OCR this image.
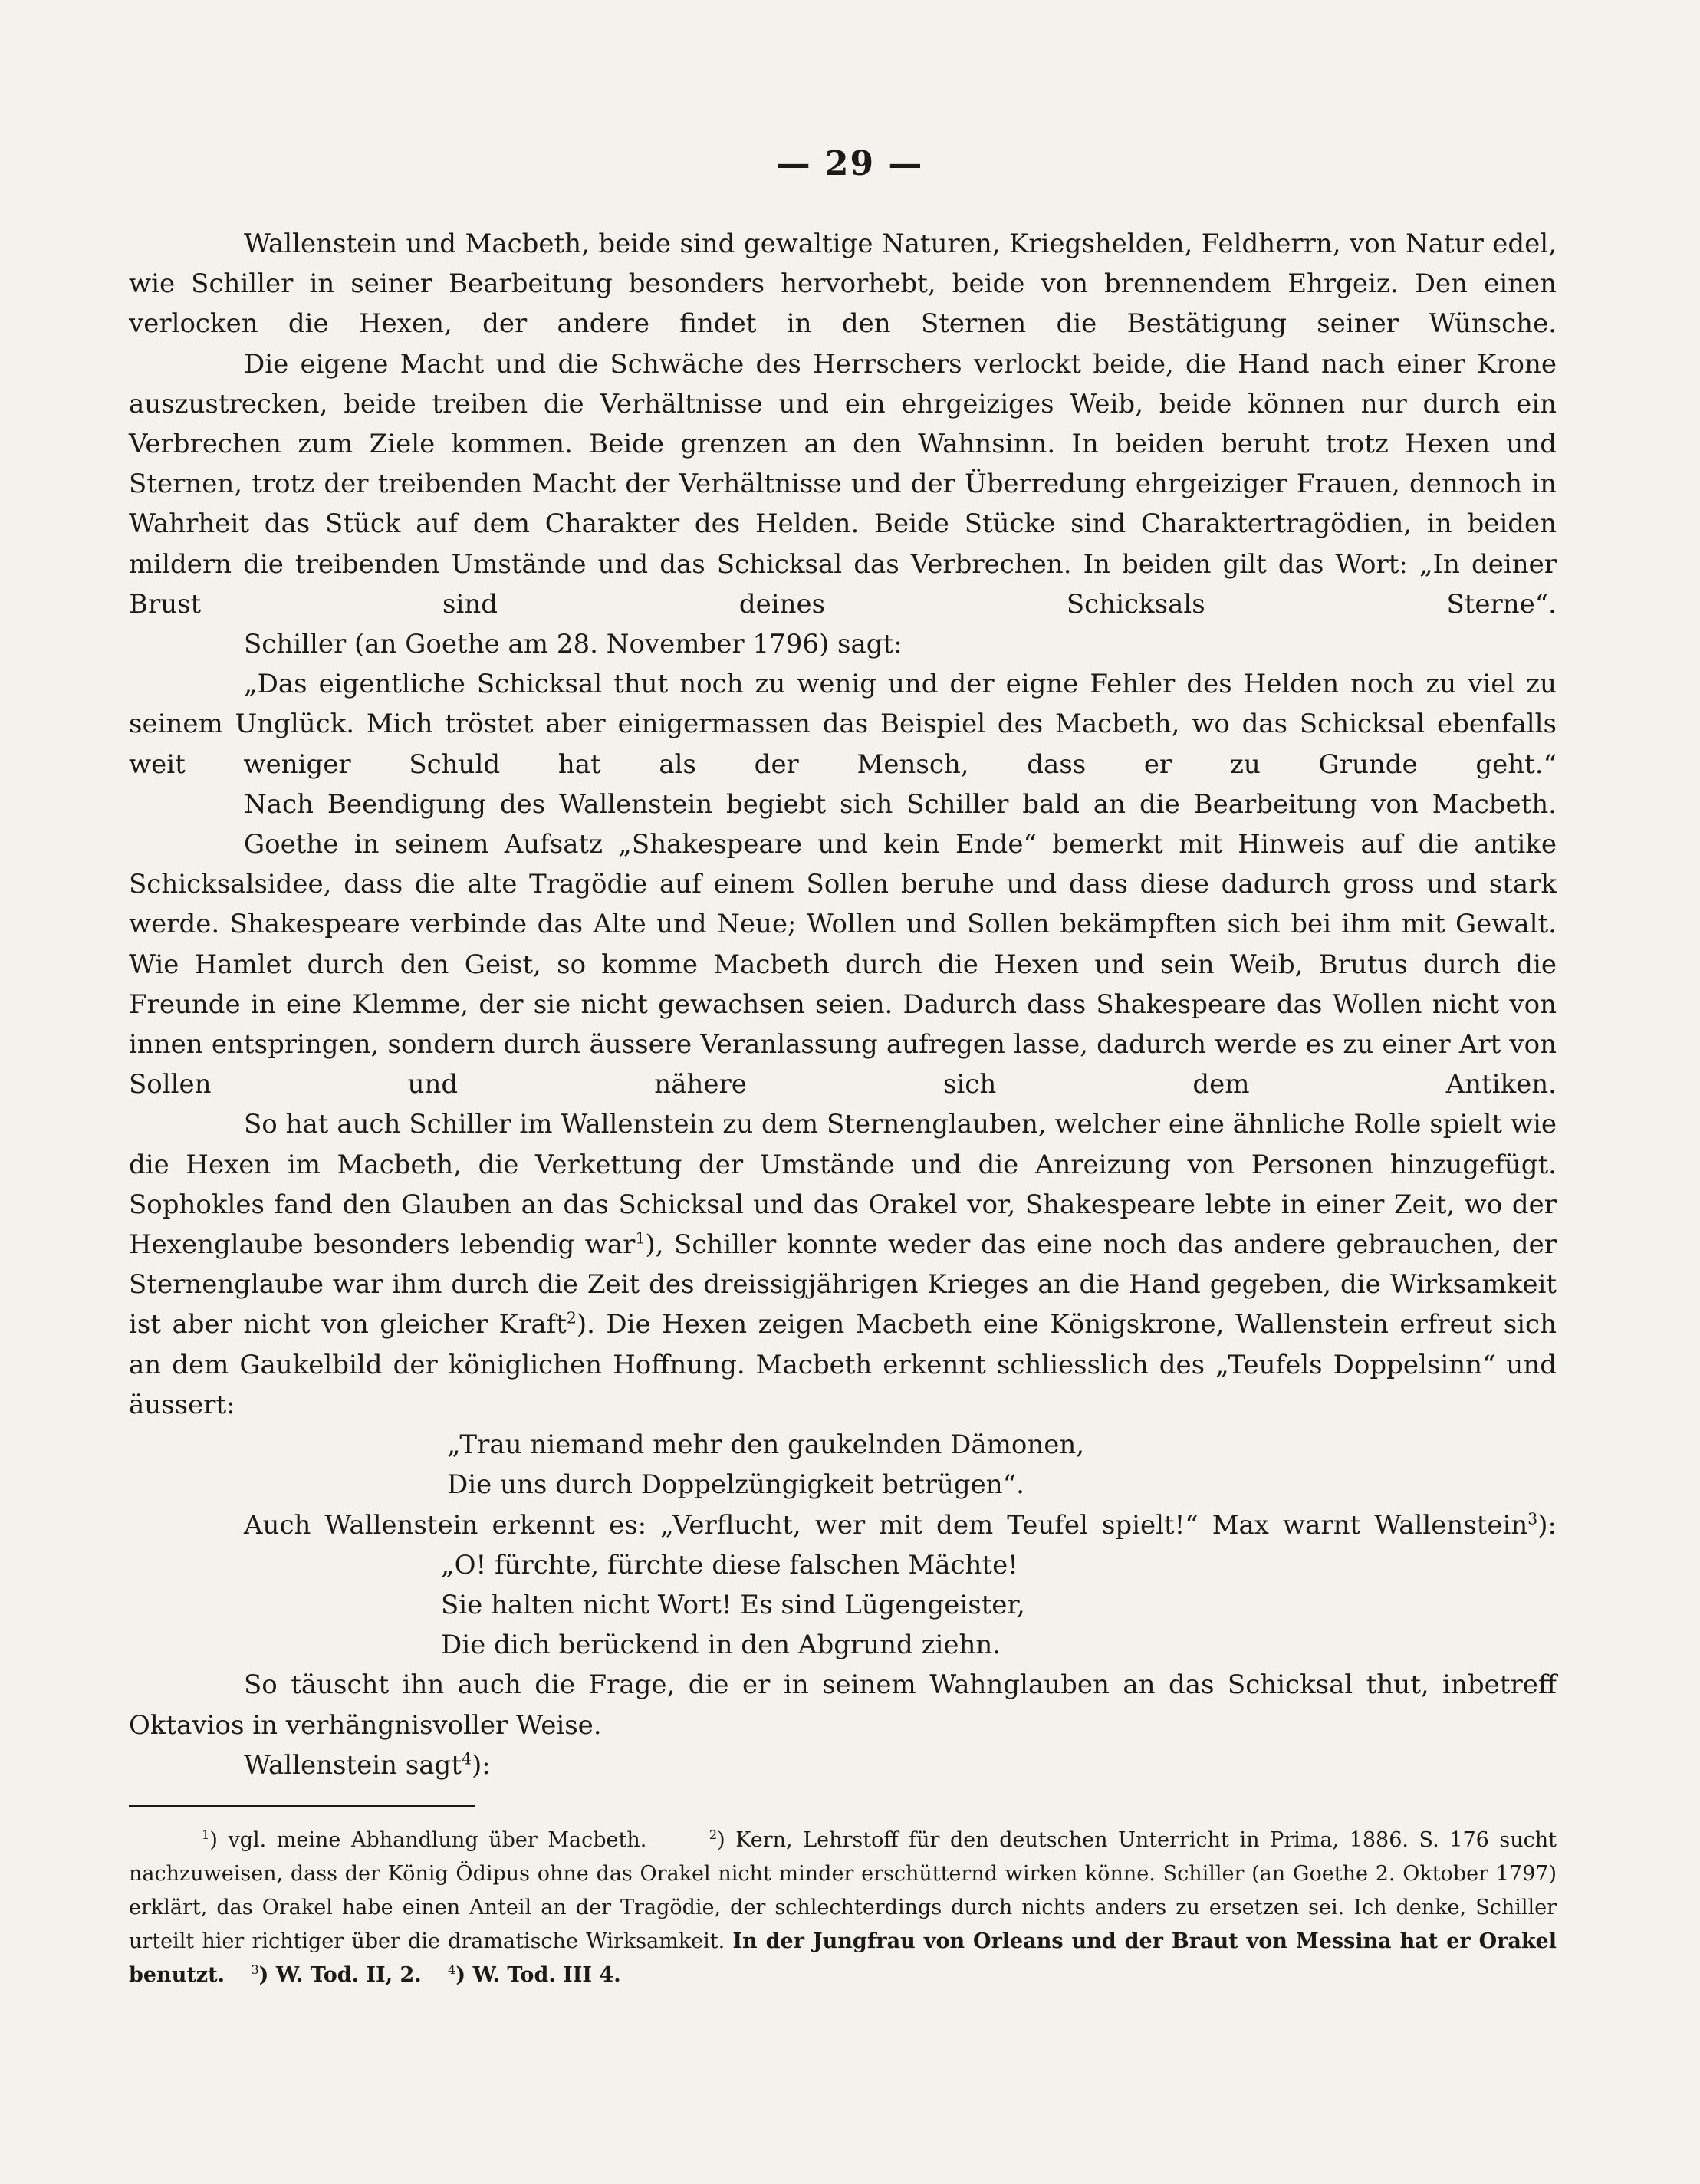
— 29 —

Wallenstein und Macbeth, beide sind gewaltige Naturen, Kriegshelden, Feldherrn, von Natur edel, wie Schiller in seiner Bearbeitung besonders hervorhebt, beide von brennendem Ehrgeiz. Den einen verlocken die Hexen, der andere findet in den Sternen die Bestätigung seiner Wünsche.

Die eigene Macht und die Schwäche des Herrschers verlockt beide, die Hand nach einer Krone auszustrecken, beide treiben die Verhältnisse und ein ehrgeiziges Weib, beide können nur durch ein Verbrechen zum Ziele kommen. Beide grenzen an den Wahnsinn. In beiden beruht trotz Hexen und Sternen, trotz der treibenden Macht der Verhältnisse und der Überredung ehrgeiziger Frauen, dennoch in Wahrheit das Stück auf dem Charakter des Helden. Beide Stücke sind Charaktertragödien, in beiden mildern die treibenden Umstände und das Schicksal das Verbrechen. In beiden gilt das Wort: „In deiner Brust sind deines Schicksals Sterne“.

Schiller (an Goethe am 28. November 1796) sagt:

„Das eigentliche Schicksal thut noch zu wenig und der eigne Fehler des Helden noch zu viel zu seinem Unglück. Mich tröstet aber einigermassen das Beispiel des Macbeth, wo das Schicksal ebenfalls weit weniger Schuld hat als der Mensch, dass er zu Grunde geht.“

Nach Beendigung des Wallenstein begiebt sich Schiller bald an die Bearbeitung von Macbeth.

Goethe in seinem Aufsatz „Shakespeare und kein Ende“ bemerkt mit Hinweis auf die antike Schicksalsidee, dass die alte Tragödie auf einem Sollen beruhe und dass diese dadurch gross und stark werde. Shakespeare verbinde das Alte und Neue; Wollen und Sollen bekämpften sich bei ihm mit Gewalt. Wie Hamlet durch den Geist, so komme Macbeth durch die Hexen und sein Weib, Brutus durch die Freunde in eine Klemme, der sie nicht gewachsen seien. Dadurch dass Shakespeare das Wollen nicht von innen entspringen, sondern durch äussere Veranlassung aufregen lasse, dadurch werde es zu einer Art von Sollen und nähere sich dem Antiken.

So hat auch Schiller im Wallenstein zu dem Sternenglauben, welcher eine ähnliche Rolle spielt wie die Hexen im Macbeth, die Verkettung der Umstände und die Anreizung von Personen hinzugefügt. Sophokles fand den Glauben an das Schicksal und das Orakel vor, Shakespeare lebte in einer Zeit, wo der Hexenglaube besonders lebendig war$^1$), Schiller konnte weder das eine noch das andere gebrauchen, der Sternenglaube war ihm durch die Zeit des dreissigjährigen Krieges an die Hand gegeben, die Wirksamkeit ist aber nicht von gleicher Kraft$^2$). Die Hexen zeigen Macbeth eine Königskrone, Wallenstein erfreut sich an dem Gaukelbild der königlichen Hoffnung. Macbeth erkennt schliesslich des „Teufels Doppelsinn“ und äussert:

„Trau niemand mehr den gaukelnden Dämonen,
Die uns durch Doppelzüngigkeit betrügen“.

Auch Wallenstein erkennt es: „Verflucht, wer mit dem Teufel spielt!“ Max warnt Wallenstein$^3$):

„O! fürchte, fürchte diese falschen Mächte!
Sie halten nicht Wort! Es sind Lügengeister,
Die dich berückend in den Abgrund ziehn.

So täuscht ihn auch die Frage, die er in seinem Wahnglauben an das Schicksal thut, inbetreff Oktavios in verhängnisvoller Weise.

Wallenstein sagt$^4$):

$^1$) vgl. meine Abhandlung über Macbeth.	$^2$) Kern, Lehrstoff für den deutschen Unterricht in Prima, 1886. S. 176 sucht nachzuweisen, dass der König Ödipus ohne das Orakel nicht minder erschütternd wirken könne. Schiller (an Goethe 2. Oktober 1797) erklärt, das Orakel habe einen Anteil an der Tragödie, der schlechterdings durch nichts anders zu ersetzen sei. Ich denke, Schiller urteilt hier richtiger über die dramatische Wirksamkeit. In der Jungfrau von Orleans und der Braut von Messina hat er Orakel benutzt. $^3$) W. Tod. II, 2. $^4$) W. Tod. III 4.
